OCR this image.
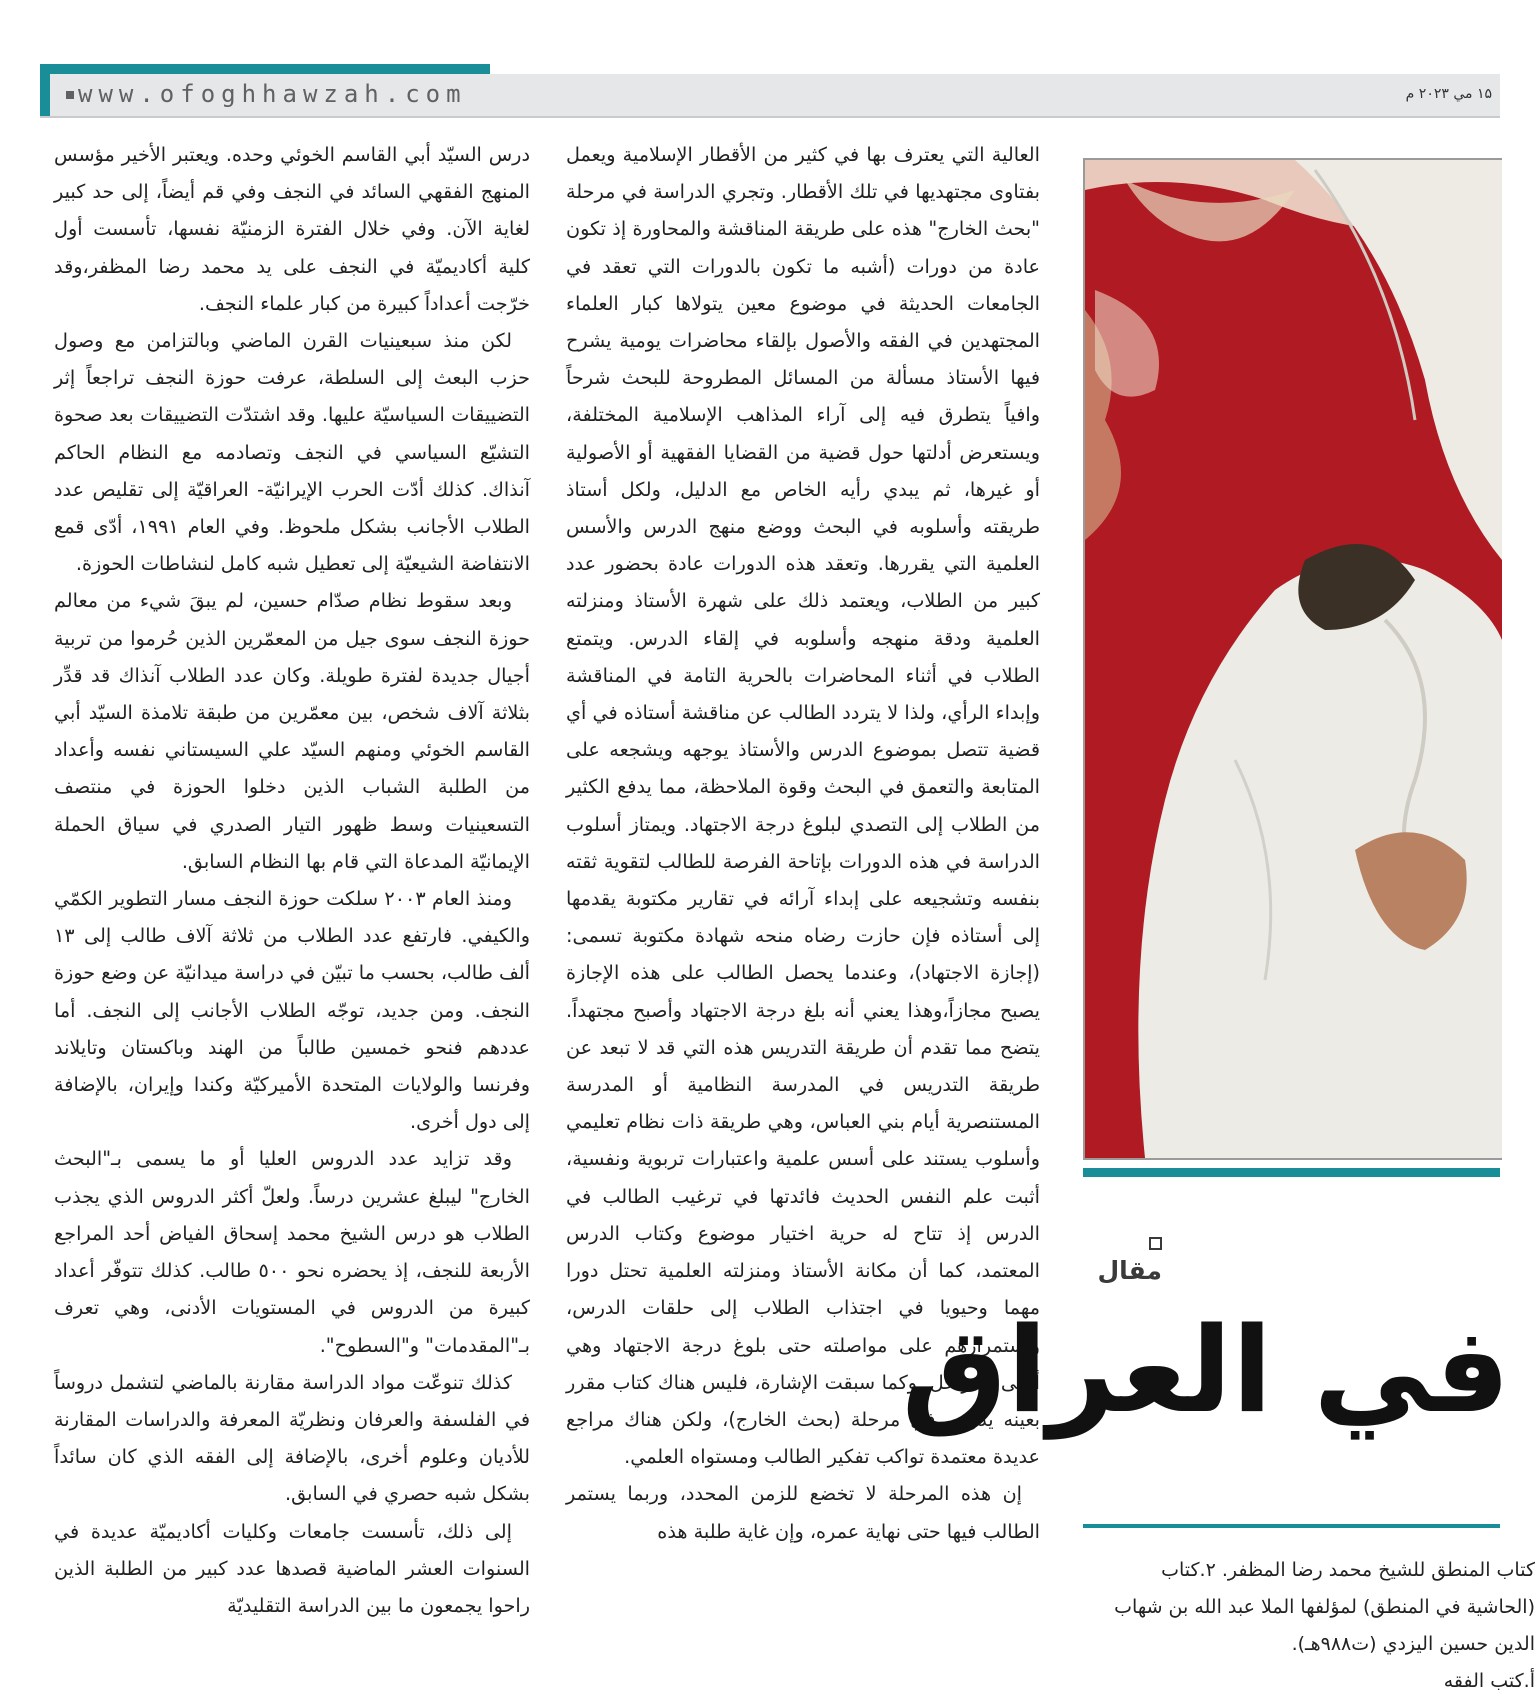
www.ofoghhawzah.com	۱۵ مي ۲۰۲۳ م

درس السيّد أبي القاسم الخوئي وحده. ويعتبر الأخير مؤسس المنهج الفقهي السائد في النجف وفي قم أيضاً، إلى حد كبير لغاية الآن. وفي خلال الفترة الزمنيّة نفسها، تأسست أول كلية أكاديميّة في النجف على يد محمد رضا المظفر،وقد خرّجت أعداداً كبيرة من كبار علماء النجف.

لكن منذ سبعينيات القرن الماضي وبالتزامن مع وصول حزب البعث إلى السلطة، عرفت حوزة النجف تراجعاً إثر التضييقات السياسيّة عليها. وقد اشتدّت التضييقات بعد صحوة التشيّع السياسي في النجف وتصادمه مع النظام الحاكم آنذاك. كذلك أدّت الحرب الإيرانيّة- العراقيّة إلى تقليص عدد الطلاب الأجانب بشكل ملحوظ. وفي العام ١٩٩١، أدّى قمع الانتفاضة الشيعيّة إلى تعطيل شبه كامل لنشاطات الحوزة.

وبعد سقوط نظام صدّام حسين، لم يبقَ شيء من معالم حوزة النجف سوى جيل من المعمّرين الذين حُرموا من تربية أجيال جديدة لفترة طويلة. وكان عدد الطلاب آنذاك قد قدِّر بثلاثة آلاف شخص، بين معمّرين من طبقة تلامذة السيّد أبي القاسم الخوئي ومنهم السيّد علي السيستاني نفسه وأعداد من الطلبة الشباب الذين دخلوا الحوزة في منتصف التسعينيات وسط ظهور التيار الصدري في سياق الحملة الإيمانيّة المدعاة التي قام بها النظام السابق.

ومنذ العام ٢٠٠٣ سلكت حوزة النجف مسار التطوير الكمّي والكيفي. فارتفع عدد الطلاب من ثلاثة آلاف طالب إلى ١٣ ألف طالب، بحسب ما تبيّن في دراسة ميدانيّة عن وضع حوزة النجف. ومن جديد، توجّه الطلاب الأجانب إلى النجف. أما عددهم فنحو خمسين طالباً من الهند وباكستان وتايلاند وفرنسا والولايات المتحدة الأميركيّة وكندا وإيران، بالإضافة إلى دول أخرى.

وقد تزايد عدد الدروس العليا أو ما يسمى بـ"البحث الخارج" ليبلغ عشرين درساً. ولعلّ أكثر الدروس الذي يجذب الطلاب هو درس الشيخ محمد إسحاق الفياض أحد المراجع الأربعة للنجف، إذ يحضره نحو ٥٠٠ طالب. كذلك تتوفّر أعداد كبيرة من الدروس في المستويات الأدنى، وهي تعرف بـ"المقدمات" و"السطوح".

كذلك تنوعّت مواد الدراسة مقارنة بالماضي لتشمل دروساً في الفلسفة والعرفان ونظريّة المعرفة والدراسات المقارنة للأديان وعلوم أخرى، بالإضافة إلى الفقه الذي كان سائداً بشكل شبه حصري في السابق.

إلى ذلك، تأسست جامعات وكليات أكاديميّة عديدة في السنوات العشر الماضية قصدها عدد كبير من الطلبة الذين راحوا يجمعون ما بين الدراسة التقليديّة

العالية التي يعترف بها في كثير من الأقطار الإسلامية ويعمل بفتاوى مجتهديها في تلك الأقطار. وتجري الدراسة في مرحلة "بحث الخارج" هذه على طريقة المناقشة والمحاورة إذ تكون عادة من دورات (أشبه ما تكون بالدورات التي تعقد في الجامعات الحديثة في موضوع معين يتولاها كبار العلماء المجتهدين في الفقه والأصول بإلقاء محاضرات يومية يشرح فيها الأستاذ مسألة من المسائل المطروحة للبحث شرحاً وافياً يتطرق فيه إلى آراء المذاهب الإسلامية المختلفة، ويستعرض أدلتها حول قضية من القضايا الفقهية أو الأصولية أو غيرها، ثم يبدي رأيه الخاص مع الدليل، ولكل أستاذ طريقته وأسلوبه في البحث ووضع منهج الدرس والأسس العلمية التي يقررها. وتعقد هذه الدورات عادة بحضور عدد كبير من الطلاب، ويعتمد ذلك على شهرة الأستاذ ومنزلته العلمية ودقة منهجه وأسلوبه في إلقاء الدرس. ويتمتع الطلاب في أثناء المحاضرات بالحرية التامة في المناقشة وإبداء الرأي، ولذا لا يتردد الطالب عن مناقشة أستاذه في أي قضية تتصل بموضوع الدرس والأستاذ يوجهه ويشجعه على المتابعة والتعمق في البحث وقوة الملاحظة، مما يدفع الكثير من الطلاب إلى التصدي لبلوغ درجة الاجتهاد. ويمتاز أسلوب الدراسة في هذه الدورات بإتاحة الفرصة للطالب لتقوية ثقته بنفسه وتشجيعه على إبداء آرائه في تقارير مكتوبة يقدمها إلى أستاذه فإن حازت رضاه منحه شهادة مكتوبة تسمى:(إجازة الاجتهاد)، وعندما يحصل الطالب على هذه الإجازة يصبح مجازاً،وهذا يعني أنه بلغ درجة الاجتهاد وأصبح مجتهداً. يتضح مما تقدم أن طريقة التدريس هذه التي قد لا تبعد عن طريقة التدريس في المدرسة النظامية أو المدرسة المستنصرية أيام بني العباس، وهي طريقة ذات نظام تعليمي وأسلوب يستند على أسس علمية واعتبارات تربوية ونفسية، أثبت علم النفس الحديث فائدتها في ترغيب الطالب في الدرس إذ تتاح له حرية اختيار موضوع وكتاب الدرس المعتمد، كما أن مكانة الأستاذ ومنزلته العلمية تحتل دورا مهما وحيويا في اجتذاب الطلاب إلى حلقات الدرس، واستمرارهم على مواصلته حتى بلوغ درجة الاجتهاد وهي أعلى المراحل. وكما سبقت الإشارة، فليس هناك كتاب مقرر بعينه يدرس في مرحلة (بحث الخارج)، ولكن هناك مراجع عديدة معتمدة تواكب تفكير الطالب ومستواه العلمي.

إن هذه المرحلة لا تخضع للزمن المحدد، وربما يستمر الطالب فيها حتى نهاية عمره، وإن غاية طلبة هذه

مقال
في العراق
كتاب المنطق للشيخ محمد رضا المظفر. ٢.كتاب
(الحاشية في المنطق) لمؤلفها الملا عبد الله بن شهاب
الدين حسين اليزدي (ت٩٨٨هـ).
أ.كتب الفقه
